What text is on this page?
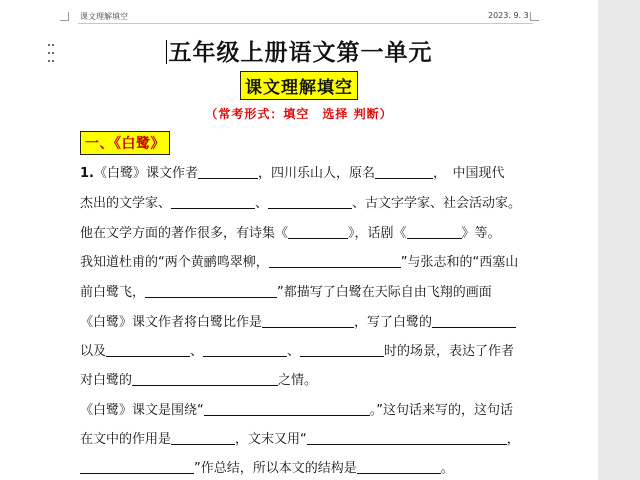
课文理解填空	2023. 9. 3

五年级上册语文第一单元
课文理解填空
（常考形式：填空　选择 判断）
一、《白鹭》
1.《白鹭》课文作者	，四川乐山人，原名	，　中国现代
杰出的文学家、	、	、古文字学家、社会活动家。
他在文学方面的著作很多，有诗集《	》，话剧《	》等。
我知道杜甫的“两个黄鹂鸣翠柳，	”与张志和的“西塞山
前白鹭飞，	”都描写了白鹭在天际自由飞翔的画面
《白鹭》课文作者将白鹭比作是	，写了白鹭的
以及	、	、	时的场景，表达了作者
对白鹭的	之情。
《白鹭》课文是围绕“	。”这句话来写的，这句话
在文中的作用是	，文末又用“	，
”作总结，所以本文的结构是	。
